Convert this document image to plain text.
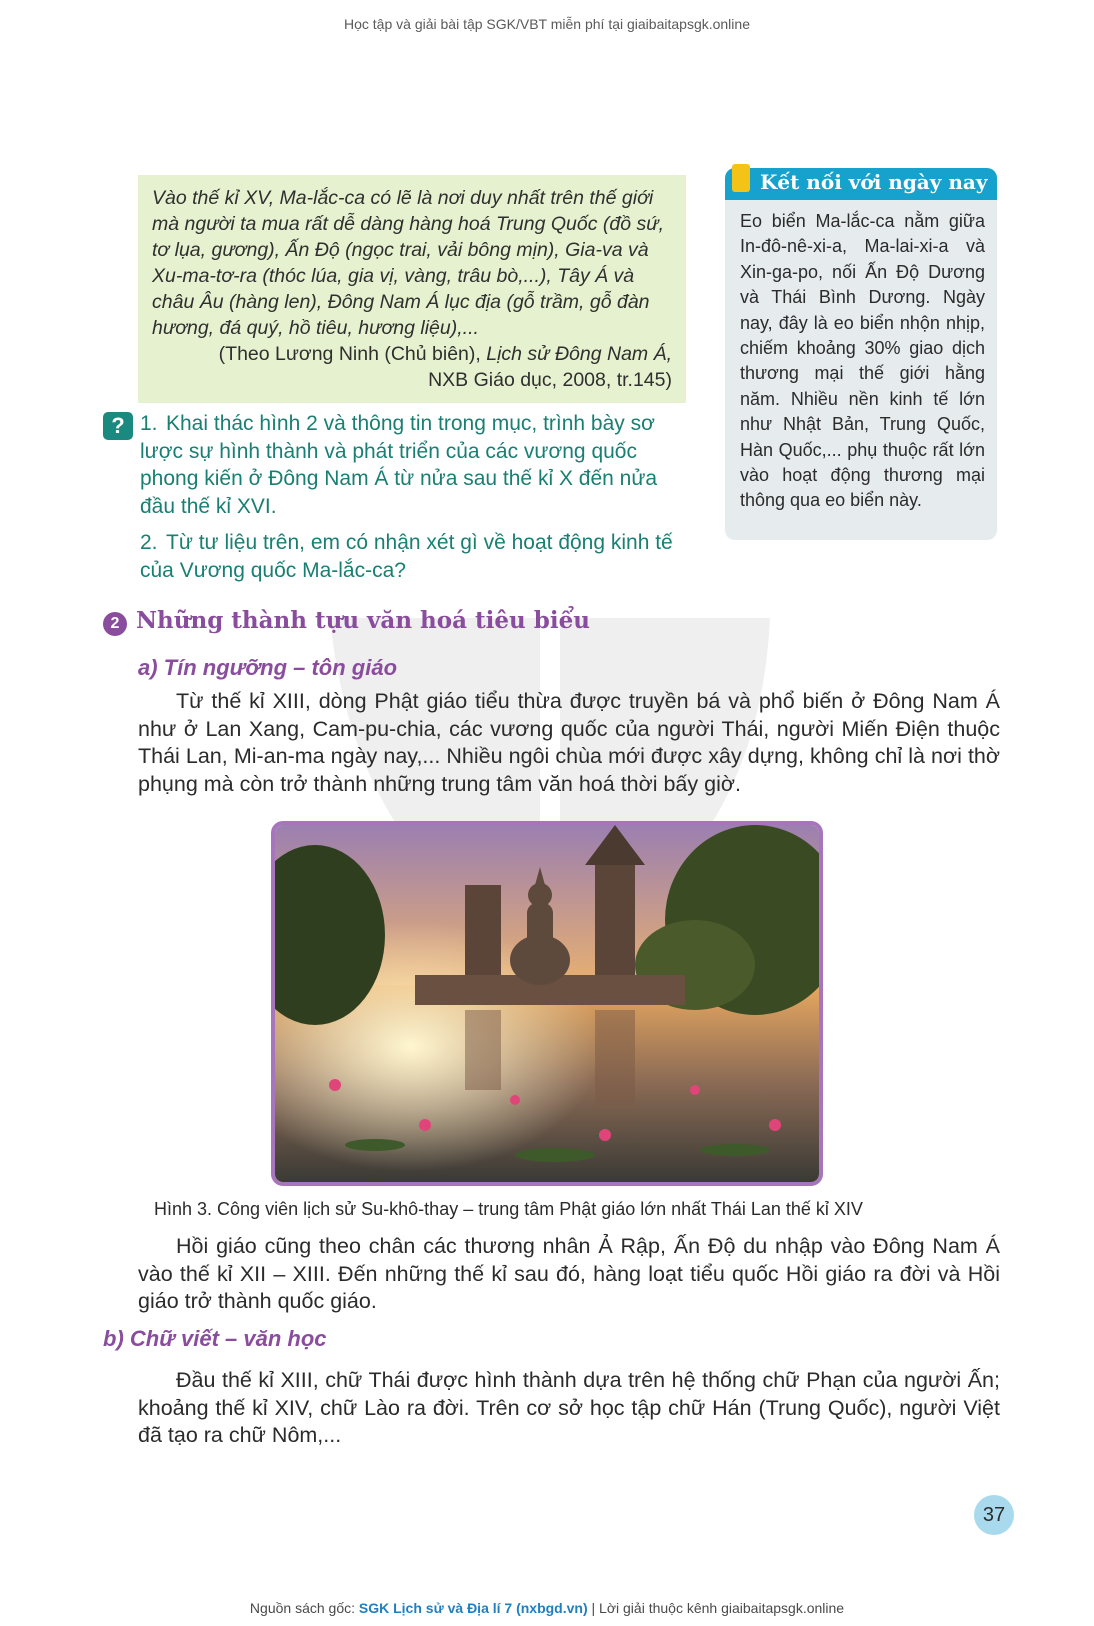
Học tập và giải bài tập SGK/VBT miễn phí tại giaibaitapsgk.online

Vào thế kỉ XV, Ma-lắc-ca có lẽ là nơi duy nhất trên thế giới mà người ta mua rất dễ dàng hàng hoá Trung Quốc (đồ sứ, tơ lụa, gương), Ấn Độ (ngọc trai, vải bông mịn), Gia-va và Xu-ma-tơ-ra (thóc lúa, gia vị, vàng, trâu bò,...), Tây Á và châu Âu (hàng len), Đông Nam Á lục địa (gỗ trầm, gỗ đàn hương, đá quý, hồ tiêu, hương liệu),...

(Theo Lương Ninh (Chủ biên), Lịch sử Đông Nam Á,
NXB Giáo dục, 2008, tr.145)
? 1. Khai thác hình 2 và thông tin trong mục, trình bày sơ lược sự hình thành và phát triển của các vương quốc phong kiến ở Đông Nam Á từ nửa sau thế kỉ X đến nửa đầu thế kỉ XVI.
2. Từ tư liệu trên, em có nhận xét gì về hoạt động kinh tế của Vương quốc Ma-lắc-ca?
Kết nối với ngày nay
Eo biển Ma-lắc-ca nằm giữa In-đô-nê-xi-a, Ma-lai-xi-a và Xin-ga-po, nối Ấn Độ Dương và Thái Bình Dương. Ngày nay, đây là eo biển nhộn nhịp, chiếm khoảng 30% giao dịch thương mại thế giới hằng năm. Nhiều nền kinh tế lớn như Nhật Bản, Trung Quốc, Hàn Quốc,... phụ thuộc rất lớn vào hoạt động thương mại thông qua eo biển này.
2 Những thành tựu văn hoá tiêu biểu
a) Tín ngưỡng – tôn giáo
Từ thế kỉ XIII, dòng Phật giáo tiểu thừa được truyền bá và phổ biến ở Đông Nam Á như ở Lan Xang, Cam-pu-chia, các vương quốc của người Thái, người Miến Điện thuộc Thái Lan, Mi-an-ma ngày nay,... Nhiều ngôi chùa mới được xây dựng, không chỉ là nơi thờ phụng mà còn trở thành những trung tâm văn hoá thời bấy giờ.
Hình 3. Công viên lịch sử Su-khô-thay – trung tâm Phật giáo lớn nhất Thái Lan thế kỉ XIV
Hồi giáo cũng theo chân các thương nhân Ả Rập, Ấn Độ du nhập vào Đông Nam Á vào thế kỉ XII – XIII. Đến những thế kỉ sau đó, hàng loạt tiểu quốc Hồi giáo ra đời và Hồi giáo trở thành quốc giáo.
b) Chữ viết – văn học
Đầu thế kỉ XIII, chữ Thái được hình thành dựa trên hệ thống chữ Phạn của người Ấn; khoảng thế kỉ XIV, chữ Lào ra đời. Trên cơ sở học tập chữ Hán (Trung Quốc), người Việt đã tạo ra chữ Nôm,...
37
Nguồn sách gốc: SGK Lịch sử và Địa lí 7 (nxbgd.vn) | Lời giải thuộc kênh giaibaitapsgk.online
